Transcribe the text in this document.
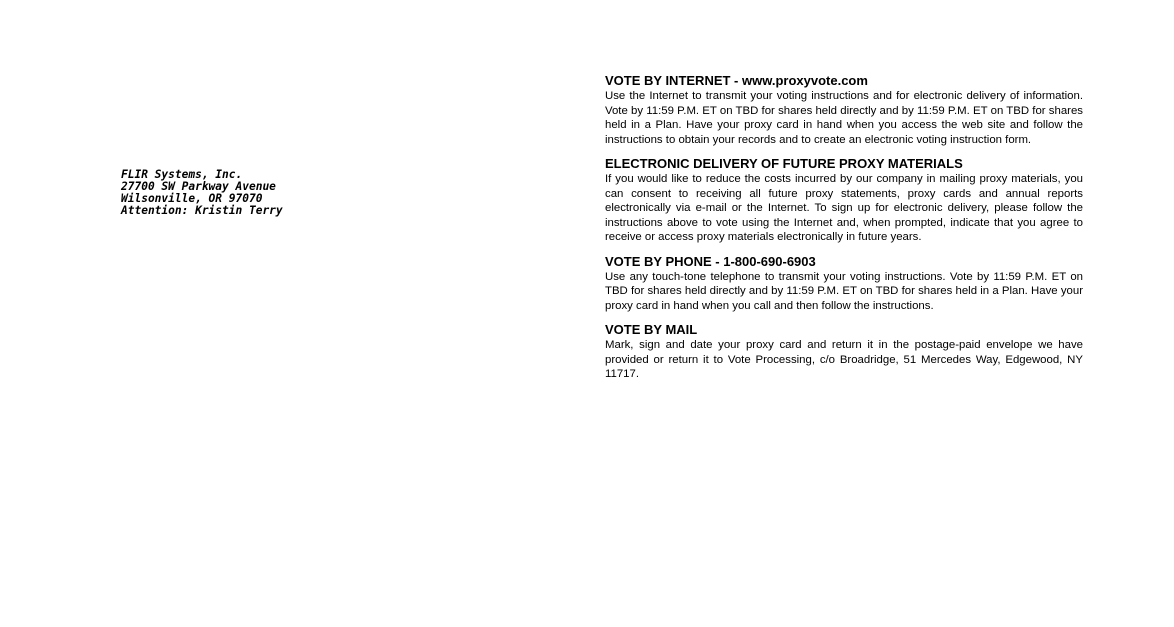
FLIR Systems, Inc.
27700 SW Parkway Avenue
Wilsonville, OR 97070
Attention: Kristin Terry
VOTE BY INTERNET - www.proxyvote.com
Use the Internet to transmit your voting instructions and for electronic delivery of information. Vote by 11:59 P.M. ET on TBD for shares held directly and by 11:59 P.M. ET on TBD for shares held in a Plan. Have your proxy card in hand when you access the web site and follow the instructions to obtain your records and to create an electronic voting instruction form.
ELECTRONIC DELIVERY OF FUTURE PROXY MATERIALS
If you would like to reduce the costs incurred by our company in mailing proxy materials, you can consent to receiving all future proxy statements, proxy cards and annual reports electronically via e-mail or the Internet. To sign up for electronic delivery, please follow the instructions above to vote using the Internet and, when prompted, indicate that you agree to receive or access proxy materials electronically in future years.
VOTE BY PHONE - 1-800-690-6903
Use any touch-tone telephone to transmit your voting instructions. Vote by 11:59 P.M. ET on TBD for shares held directly and by 11:59 P.M. ET on TBD for shares held in a Plan. Have your proxy card in hand when you call and then follow the instructions.
VOTE BY MAIL
Mark, sign and date your proxy card and return it in the postage-paid envelope we have provided or return it to Vote Processing, c/o Broadridge, 51 Mercedes Way, Edgewood, NY 11717.
